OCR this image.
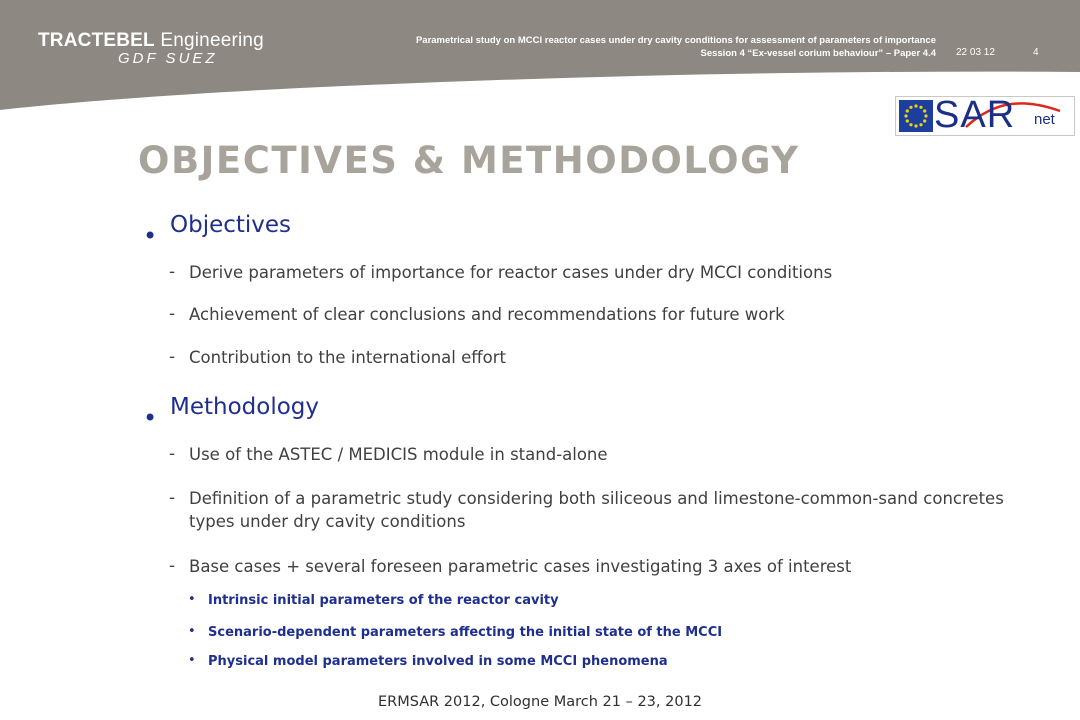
TRACTEBEL Engineering
GDF SUEZ
Parametrical study on MCCI reactor cases under dry cavity conditions for assessment of parameters of importance
Session 4 “Ex-vessel corium behaviour” – Paper 4.4 22 03 12	4
SAR net
OBJECTIVES & METHODOLOGY
• Objectives
- Derive parameters of importance for reactor cases under dry MCCI conditions
- Achievement of clear conclusions and recommendations for future work
- Contribution to the international effort
• Methodology
- Use of the ASTEC / MEDICIS module in stand-alone
- Definition of a parametric study considering both siliceous and limestone-common-sand concretes types under dry cavity conditions
- Base cases + several foreseen parametric cases investigating 3 axes of interest
• Intrinsic initial parameters of the reactor cavity
• Scenario-dependent parameters affecting the initial state of the MCCI
• Physical model parameters involved in some MCCI phenomena
ERMSAR 2012, Cologne March 21 – 23, 2012
